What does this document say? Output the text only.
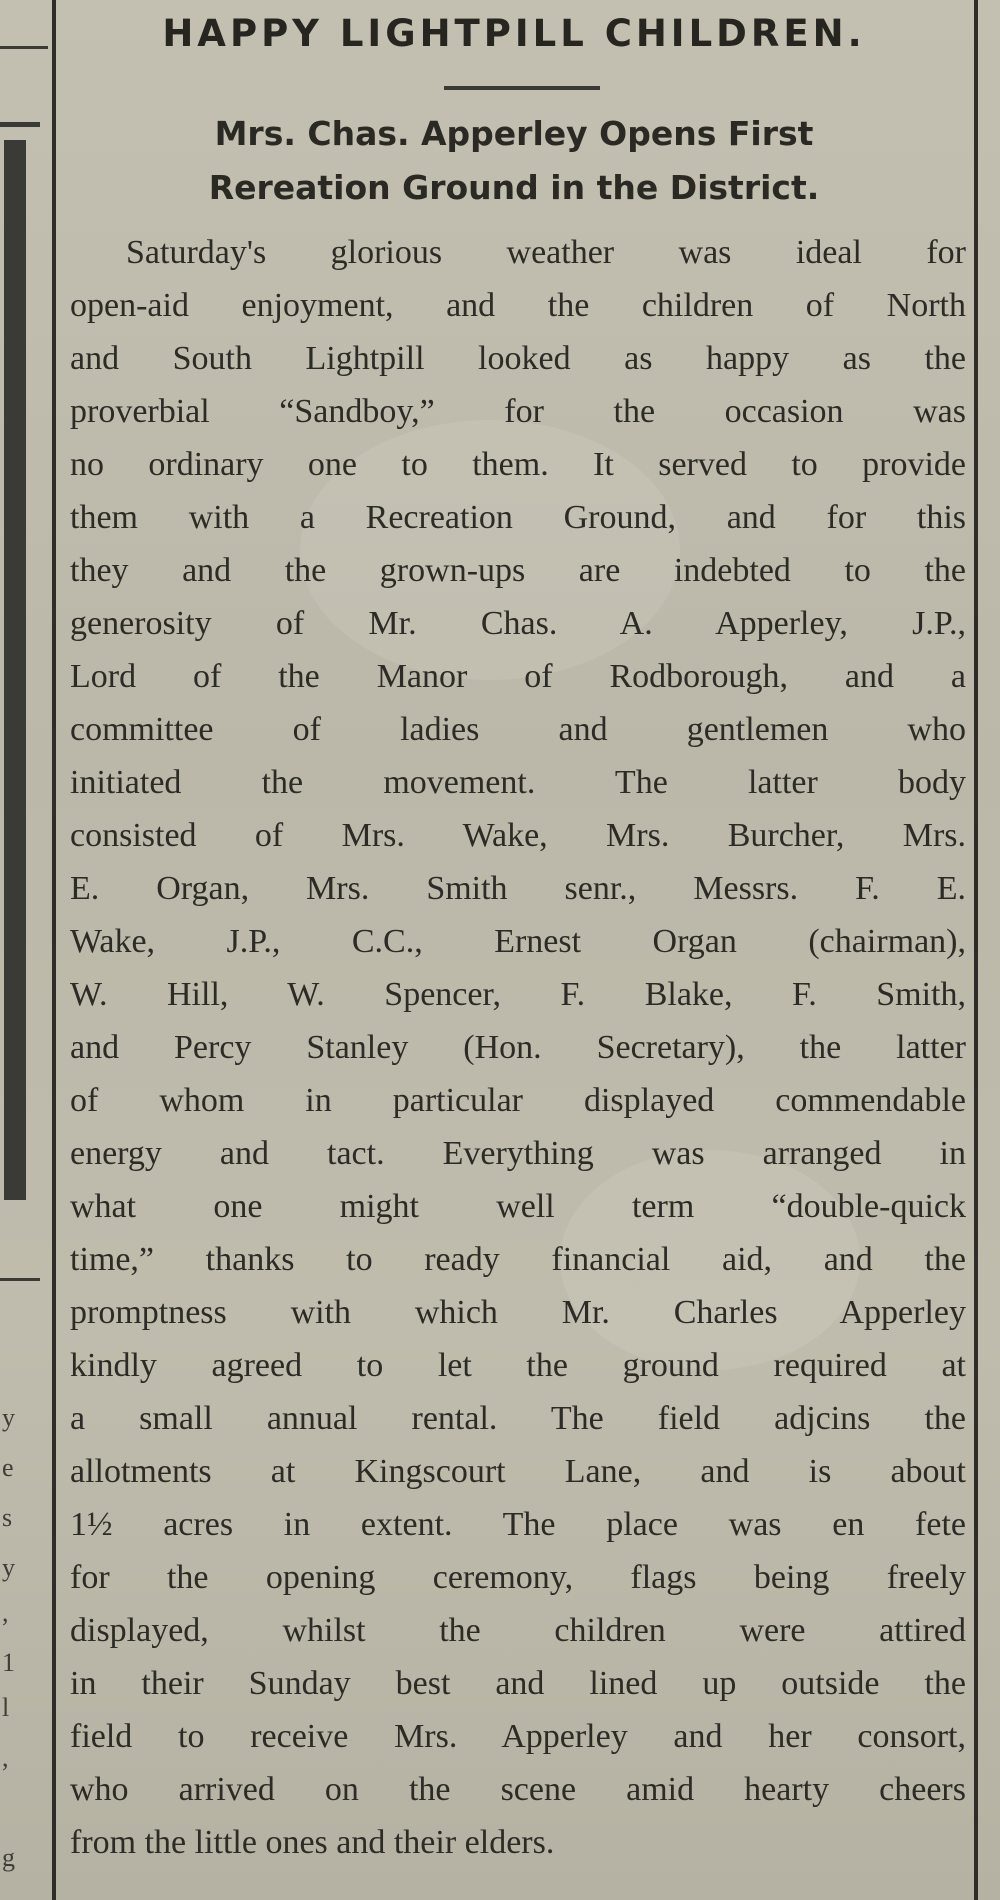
y
e
s
y
,
1
l
,
g
HAPPY LIGHTPILL CHILDREN.
Mrs. Chas. Apperley Opens First
Rereation Ground in the District.
Saturday's glorious weather was ideal for
open-aid enjoyment, and the children of North
and South Lightpill looked as happy as the
proverbial “Sandboy,” for the occasion was
no ordinary one to them. It served to provide
them with a Recreation Ground, and for this
they and the grown-ups are indebted to the
generosity of Mr. Chas. A. Apperley, J.P.,
Lord of the Manor of Rodborough, and a
committee of ladies and gentlemen who
initiated the movement. The latter body
consisted of Mrs. Wake, Mrs. Burcher, Mrs.
E. Organ, Mrs. Smith senr., Messrs. F. E.
Wake, J.P., C.C., Ernest Organ (chairman),
W. Hill, W. Spencer, F. Blake, F. Smith,
and Percy Stanley (Hon. Secretary), the latter
of whom in particular displayed commendable
energy and tact. Everything was arranged in
what one might well term “double-quick
time,” thanks to ready financial aid, and the
promptness with which Mr. Charles Apperley
kindly agreed to let the ground required at
a small annual rental. The field adjcins the
allotments at Kingscourt Lane, and is about
1½ acres in extent. The place was en fete
for the opening ceremony, flags being freely
displayed, whilst the children were attired
in their Sunday best and lined up outside the
field to receive Mrs. Apperley and her consort,
who arrived on the scene amid hearty cheers
from the little ones and their elders.
